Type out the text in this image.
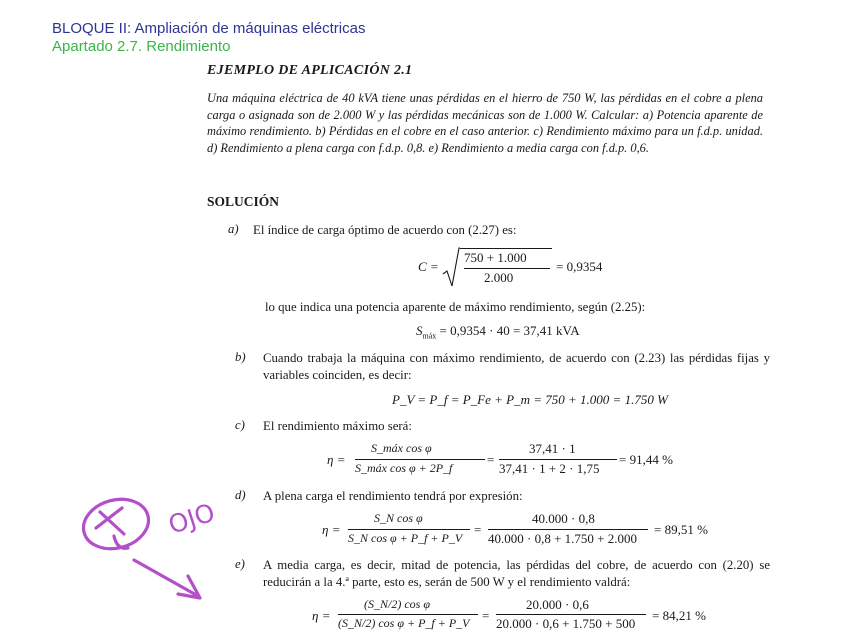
BLOQUE II: Ampliación de máquinas eléctricas
Apartado 2.7. Rendimiento
EJEMPLO DE APLICACIÓN 2.1
Una máquina eléctrica de 40 kVA tiene unas pérdidas en el hierro de 750 W, las pérdidas en el cobre a plena carga o asignada son de 2.000 W y las pérdidas mecánicas son de 1.000 W. Calcular: a) Potencia aparente de máximo rendimiento. b) Pérdidas en el cobre en el caso anterior. c) Rendimiento máximo para un f.d.p. unidad. d) Rendimiento a plena carga con f.d.p. 0,8. e) Rendimiento a media carga con f.d.p. 0,6.
SOLUCIÓN
a) El índice de carga óptimo de acuerdo con (2.27) es:
C =
750 + 1.000
2.000
= 0,9354
lo que indica una potencia aparente de máximo rendimiento, según (2.25):
$S_{máx} = 0,9354 \cdot 40 = 37,41$ kVA
b) Cuando trabaja la máquina con máximo rendimiento, de acuerdo con (2.23) las pérdidas fijas y variables coinciden, es decir:
P_V = P_f = P_Fe + P_m = 750 + 1.000 = 1.750 W
c) El rendimiento máximo será:
η =
S_máx cos φ
S_máx cos φ + 2P_f
=
37,41 · 1
37,41 · 1 + 2 · 1,75
= 91,44 %
d) A plena carga el rendimiento tendrá por expresión:
η =
S_N cos φ
S_N cos φ + P_f + P_V
=
40.000 · 0,8
40.000 · 0,8 + 1.750 + 2.000
= 89,51 %
e) A media carga, es decir, mitad de potencia, las pérdidas del cobre, de acuerdo con (2.20) se reducirán a la 4.ª parte, esto es, serán de 500 W y el rendimiento valdrá:
η =
(S_N/2) cos φ
(S_N/2) cos φ + P_f + P_V =
20.000 · 0,6
20.000 · 0,6 + 1.750 + 500
= 84,21 %
OJO
